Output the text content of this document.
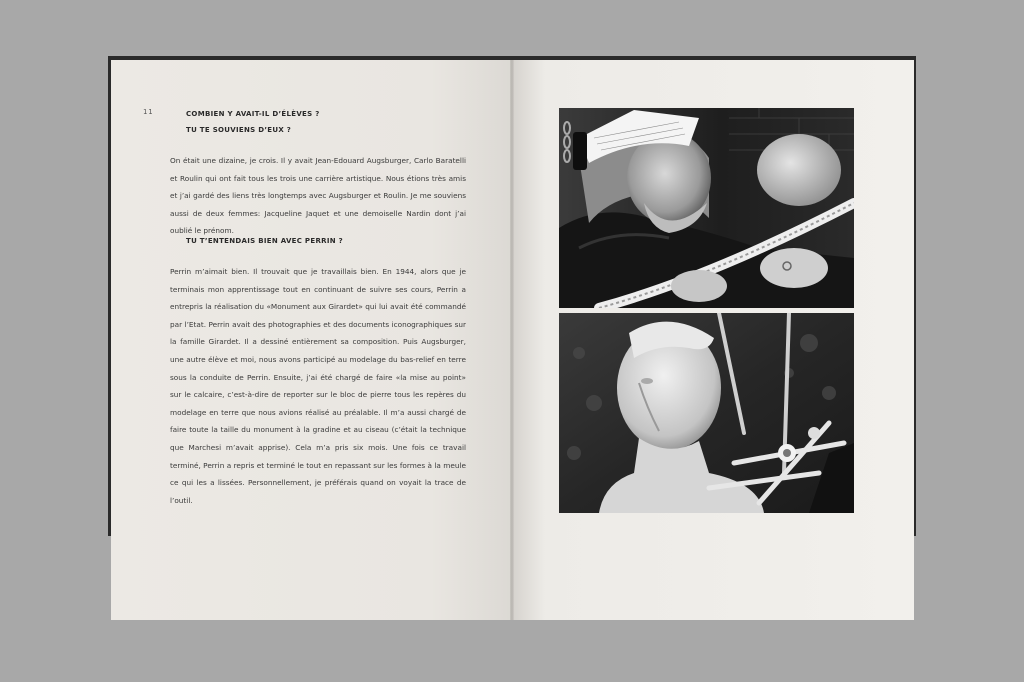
11	COMBIEN Y AVAIT-IL D’ÉLÈVES ?
TU TE SOUVIENS D’EUX ?

On était une dizaine, je crois. Il y avait Jean-Edouard Augsburger, Carlo Baratelli et Roulin qui ont fait tous les trois une carrière artistique. Nous étions très amis et j’ai gardé des liens très longtemps avec Augsburger et Roulin. Je me souviens aussi de deux femmes: Jacqueline Jaquet et une demoiselle Nardin dont j’ai oublié le prénom.

TU T’ENTENDAIS BIEN AVEC PERRIN ?

Perrin m’aimait bien. Il trouvait que je travaillais bien. En 1944, alors que je terminais mon apprentissage tout en continuant de suivre ses cours, Perrin a entrepris la réalisation du «Monument aux Girardet» qui lui avait été commandé par l’Etat. Perrin avait des photographies et des documents iconographiques sur la famille Girardet. Il a dessiné entièrement sa composition. Puis Augsburger, une autre élève et moi, nous avons participé au modelage du bas-relief en terre sous la conduite de Perrin. Ensuite, j’ai été chargé de faire «la mise au point» sur le calcaire, c’est-à-dire de reporter sur le bloc de pierre tous les repères du modelage en terre que nous avions réalisé au préalable. Il m’a aussi chargé de faire toute la taille du monument à la gradine et au ciseau (c’était la technique que Marchesi m’avait apprise). Cela m’a pris six mois. Une fois ce travail terminé, Perrin a repris et terminé le tout en repassant sur les formes à la meule ce qui les a lissées. Personnellement, je préférais quand on voyait la trace de l’outil.
